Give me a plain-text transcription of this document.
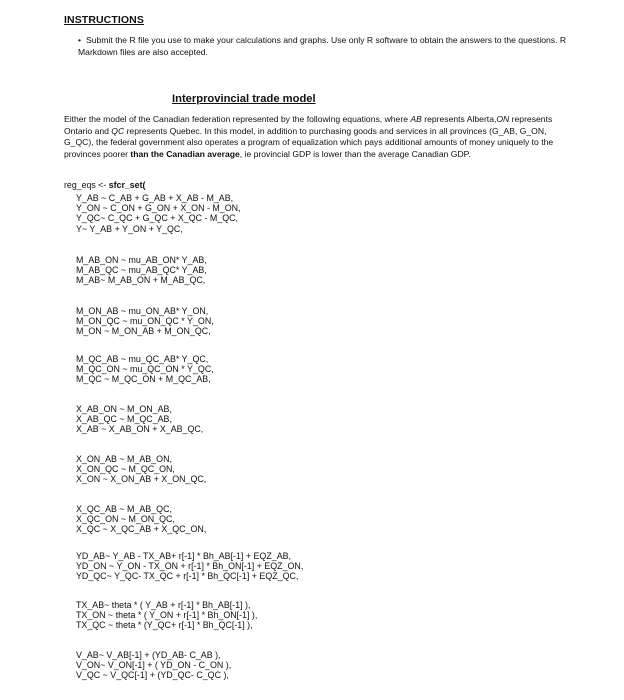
INSTRUCTIONS
• Submit the R file you use to make your calculations and graphs. Use only R software to obtain the answers to the questions. R Markdown files are also accepted.
Interprovincial trade model
Either the model of the Canadian federation represented by the following equations, where AB represents Alberta,ON represents Ontario and QC represents Quebec. In this model, in addition to purchasing goods and services in all provinces (G_AB, G_ON, G_QC), the federal government also operates a program of equalization which pays additional amounts of money uniquely to the provinces poorer than the Canadian average, ie provincial GDP is lower than the average Canadian GDP.
reg_eqs <- sfcr_set(
Y_AB ~ C_AB + G_AB + X_AB - M_AB,
Y_ON ~ C_ON + G_ON + X_ON - M_ON,
Y_QC~ C_QC + G_QC + X_QC - M_QC,
Y~ Y_AB + Y_ON + Y_QC,
M_AB_ON ~ mu_AB_ON* Y_AB,
M_AB_QC ~ mu_AB_QC* Y_AB,
M_AB~ M_AB_ON + M_AB_QC,
M_ON_AB ~ mu_ON_AB* Y_ON,
M_ON_QC ~ mu_ON_QC * Y_ON,
M_ON ~ M_ON_AB + M_ON_QC,
M_QC_AB ~ mu_QC_AB* Y_QC,
M_QC_ON ~ mu_QC_ON * Y_QC,
M_QC ~ M_QC_ON + M_QC_AB,
X_AB_ON ~ M_ON_AB,
X_AB_QC ~ M_QC_AB,
X_AB ~ X_AB_ON + X_AB_QC,
X_ON_AB ~ M_AB_ON,
X_ON_QC ~ M_QC_ON,
X_ON ~ X_ON_AB + X_ON_QC,
X_QC_AB ~ M_AB_QC,
X_QC_ON ~ M_ON_QC,
X_QC ~ X_QC_AB + X_QC_ON,
YD_AB~ Y_AB - TX_AB+ r[-1] * Bh_AB[-1] + EQZ_AB,
YD_ON ~ Y_ON - TX_ON + r[-1] * Bh_ON[-1] + EQZ_ON,
YD_QC~ Y_QC- TX_QC + r[-1] * Bh_QC[-1] + EQZ_QC,
TX_AB~ theta * ( Y_AB + r[-1] * Bh_AB[-1] ),
TX_ON ~ theta * ( Y_ON + r[-1] * Bh_ON[-1] ),
TX_QC ~ theta * (Y_QC+ r[-1] * Bh_QC[-1] ),
V_AB~ V_AB[-1] + (YD_AB- C_AB ),
V_ON~ V_ON[-1] + ( YD_ON - C_ON ),
V_QC ~ V_QC[-1] + (YD_QC- C_QC ),
